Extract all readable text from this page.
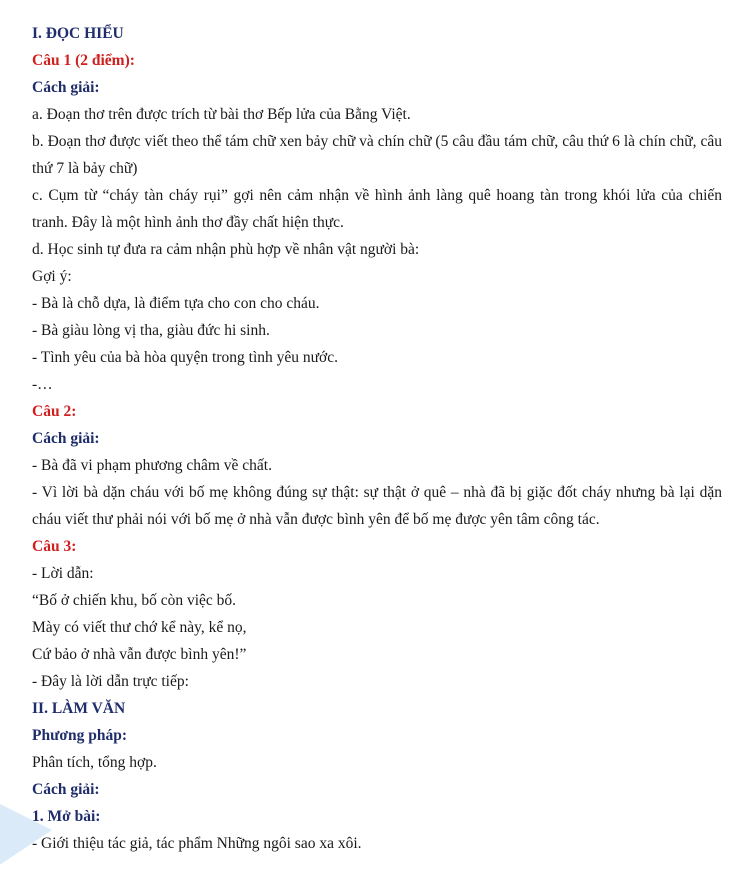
I. ĐỌC HIỂU

Câu 1 (2 điểm):

Cách giải:

a. Đoạn thơ trên được trích từ bài thơ Bếp lửa của Bằng Việt.

b. Đoạn thơ được viết theo thể tám chữ xen bảy chữ và chín chữ (5 câu đầu tám chữ, câu thứ 6 là chín chữ, câu thứ 7 là bảy chữ)

c. Cụm từ “cháy tàn cháy rụi” gợi nên cảm nhận về hình ảnh làng quê hoang tàn trong khói lửa của chiến tranh. Đây là một hình ảnh thơ đầy chất hiện thực.

d. Học sinh tự đưa ra cảm nhận phù hợp về nhân vật người bà:

Gợi ý:

- Bà là chỗ dựa, là điểm tựa cho con cho cháu.

- Bà giàu lòng vị tha, giàu đức hi sinh.

- Tình yêu của bà hòa quyện trong tình yêu nước.

-…

Câu 2:

Cách giải:

- Bà đã vi phạm phương châm về chất.

- Vì lời bà dặn cháu với bố mẹ không đúng sự thật: sự thật ở quê – nhà đã bị giặc đốt cháy nhưng bà lại dặn cháu viết thư phải nói với bố mẹ ở nhà vẫn được bình yên để bố mẹ được yên tâm công tác.

Câu 3:

- Lời dẫn:

“Bố ở chiến khu, bố còn việc bố.

Mày có viết thư chớ kể này, kể nọ,

Cứ bảo ở nhà vẫn được bình yên!”

- Đây là lời dẫn trực tiếp:

II. LÀM VĂN

Phương pháp:

Phân tích, tổng hợp.

Cách giải:

1. Mở bài:

- Giới thiệu tác giả, tác phẩm Những ngôi sao xa xôi.
